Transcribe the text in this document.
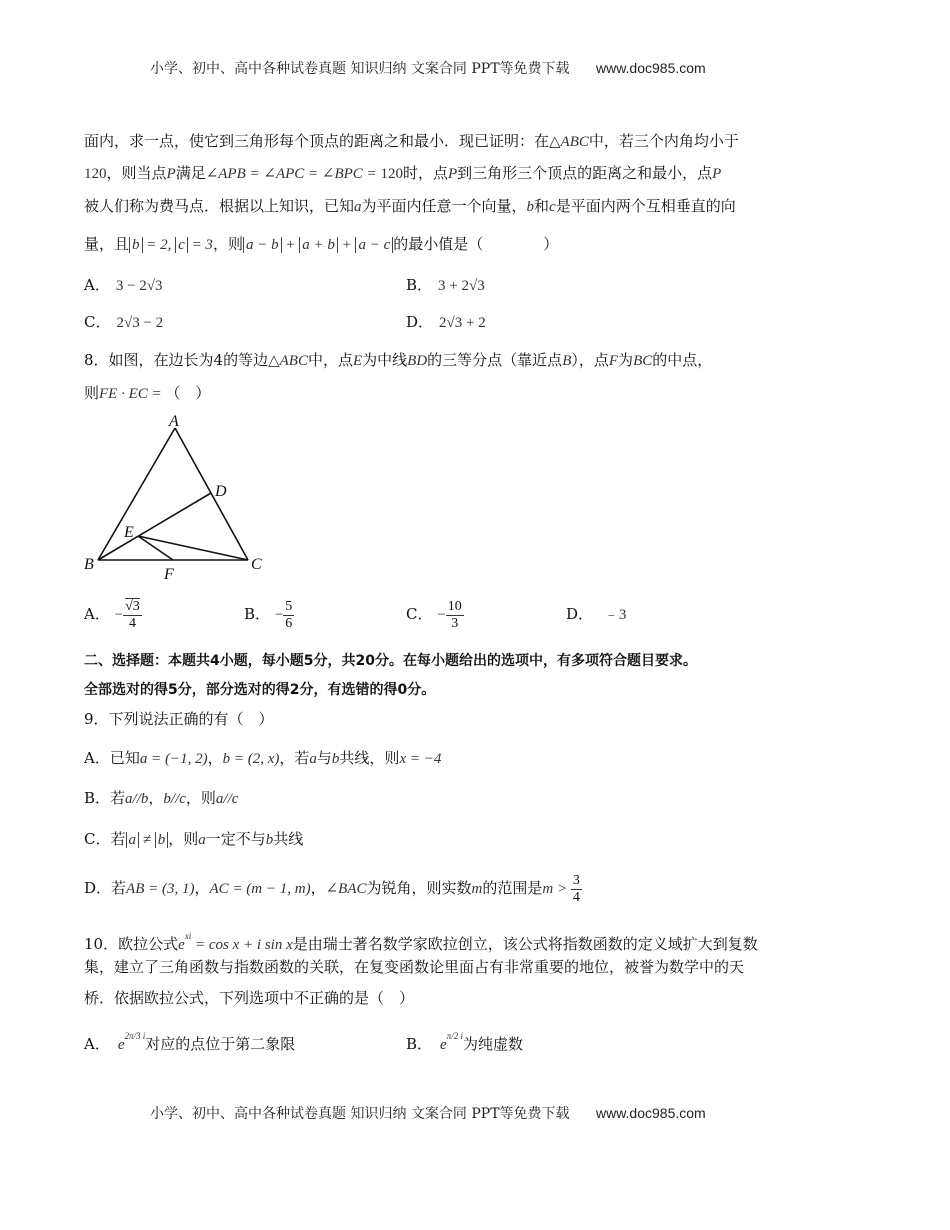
小学、初中、高中各种试卷真题 知识归纳 文案合同 PPT等免费下载 www.doc985.com
面内，求一点，使它到三角形每个顶点的距离之和最小．现已证明：在△ABC中，若三个内角均小于
120，则当点P满足∠APB = ∠APC = ∠BPC = 120时，点P到三角形三个顶点的距离之和最小，点P
被人们称为费马点．根据以上知识，已知a为平面内任意一个向量，b和c是平面内两个互相垂直的向
量，且 b = 2, c = 3，则 a − b + a + b + a − c 的最小值是（　　　　）
A． 3 − 2√3	B． 3 + 2√3
C． 2√3 − 2	D． 2√3 + 2
8．如图，在边长为4的等边△ABC中，点E为中线BD的三等分点（靠近点B），点F为BC的中点，
则FE · EC = （　）
A
B	C
D
E
F
A． − $\frac{√3}{4}$	B． − $\frac{5}{6}$	C． − $\frac{10}{3}$	D． ﹣3
二、选择题：本题共4小题，每小题5分，共20分。在每小题给出的选项中，有多项符合题目要求。
全部选对的得5分，部分选对的得2分，有选错的得0分。
9．下列说法正确的有（　）
A．已知a = (−1, 2)，b = (2, x)，若a与b共线，则x = −4
B．若a//b，b//c，则a//c
C．若 a ≠ b ，则a一定不与b共线
D．若AB = (3, 1)，AC = (m − 1, m)，∠BAC为锐角，则实数m的范围是$m > \frac{3}{4}$
10．欧拉公式$e^{xi} = \cos x + i$ sin x是由瑞士著名数学家欧拉创立，该公式将指数函数的定义域扩大到复数
集，建立了三角函数与指数函数的关联，在复变函数论里面占有非常重要的地位，被誉为数学中的天
桥．依据欧拉公式，下列选项中不正确的是（　）
A． $e^{2\pi/3 i}$对应的点位于第二象限	B． $e^{\pi/2 i}$为纯虚数
小学、初中、高中各种试卷真题 知识归纳 文案合同 PPT等免费下载 www.doc985.com
